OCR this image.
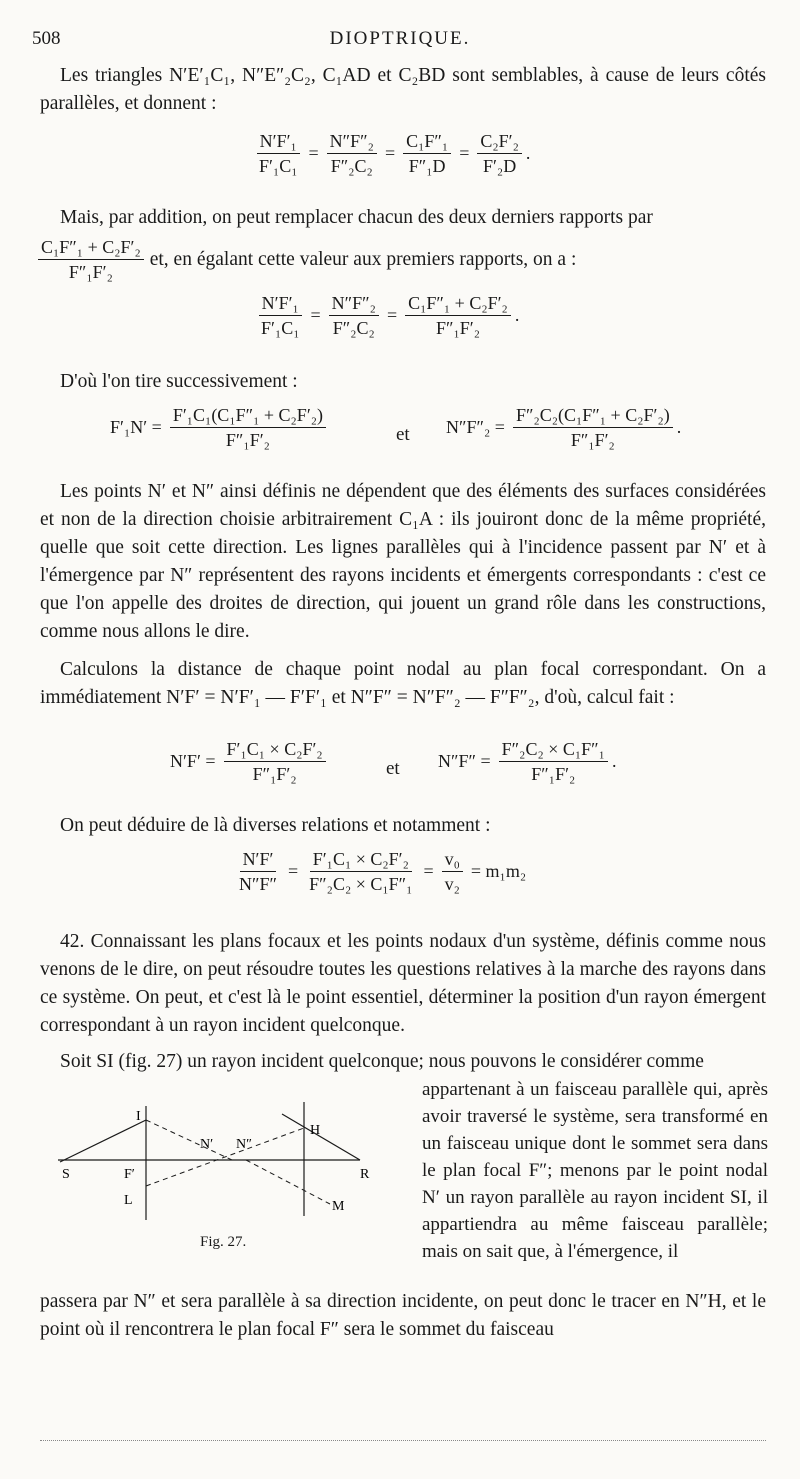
508	DIOPTRIQUE.

Les triangles N′E′₁C₁, N″E″₂C₂, C₁AD et C₂BD sont semblables, à cause de leurs côtés parallèles, et donnent :

$\frac{\text{N′F′₁}}{\text{F′₁C₁}} = \frac{\text{N″F″₂}}{\text{F″₂C₂}} = \frac{\text{C₁F″₁}}{\text{F″₁D}} = \frac{\text{C₂F′₂}}{\text{F′₂D}}$ .

Mais, par addition, on peut remplacer chacun des deux derniers rapports par

$\frac{\text{C₁F″₁ + C₂F′₂}}{\text{F″₁F′₂}}$ et, en égalant cette valeur aux premiers rapports, on a :
$\frac{\text{N′F′₁}}{\text{F′₁C₁}} = \frac{\text{N″F″₂}}{\text{F″₂C₂}} = \frac{\text{C₁F″₁ + C₂F′₂}}{\text{F″₁F′₂}}$ .

D'où l'on tire successivement :

$F'_1N' = \frac{\text{F′₁C₁(C₁F″₁ + C₂F′₂)}}{\text{F″₁F′₂}}$	et $N''F''_2 = \frac{\text{F″₂C₂(C₁F″₁ + C₂F′₂)}}{\text{F″₁F′₂}}$ .

Les points N′ et N″ ainsi définis ne dépendent que des éléments des surfaces considérées et non de la direction choisie arbitrairement C₁A : ils jouiront donc de la même propriété, quelle que soit cette direction. Les lignes parallèles qui à l'incidence passent par N′ et à l'émergence par N″ représentent des rayons incidents et émergents correspondants : c'est ce que l'on appelle des droites de direction, qui jouent un grand rôle dans les constructions, comme nous allons le dire.

Calculons la distance de chaque point nodal au plan focal correspondant. On a immédiatement N′F′ = N′F′₁ — F′F′₁ et N″F″ = N″F″₂ — F″F″₂, d'où, calcul fait :

$N'F' = \frac{\text{F′₁C₁ × C₂F′₂}}{\text{F″₁F′₂}}$	et $N''F'' = \frac{\text{F″₂C₂ × C₁F″₁}}{\text{F″₁F′₂}}$ .

On peut déduire de là diverses relations et notamment :

$\frac{N'F'}{N''F''} = \frac{\text{F′₁C₁ × C₂F′₂}}{\text{F″₂C₂ × C₁F″₁}} = \frac{\text{v₀}}{\text{v₂}} = m_1m_2$

42. Connaissant les plans focaux et les points nodaux d'un système, définis comme nous venons de le dire, on peut résoudre toutes les questions relatives à la marche des rayons dans ce système. On peut, et c'est là le point essentiel, déterminer la position d'un rayon émergent correspondant à un rayon incident quelconque.

Soit SI (fig. 27) un rayon incident quelconque; nous pouvons le considérer comme

appartenant à un faisceau parallèle qui, après avoir traversé le système, sera transformé en un faisceau unique dont le sommet sera dans le plan focal F″; menons par le point nodal N′ un rayon parallèle au rayon incident SI, il appartiendra au même faisceau parallèle; mais on sait que, à l'émergence, il

I
S	F′
L
N′ N″
H
R
M
Fig. 27.

passera par N″ et sera parallèle à sa direction incidente, on peut donc le tracer en N″H, et le point où il rencontrera le plan focal F″ sera le sommet du faisceau
